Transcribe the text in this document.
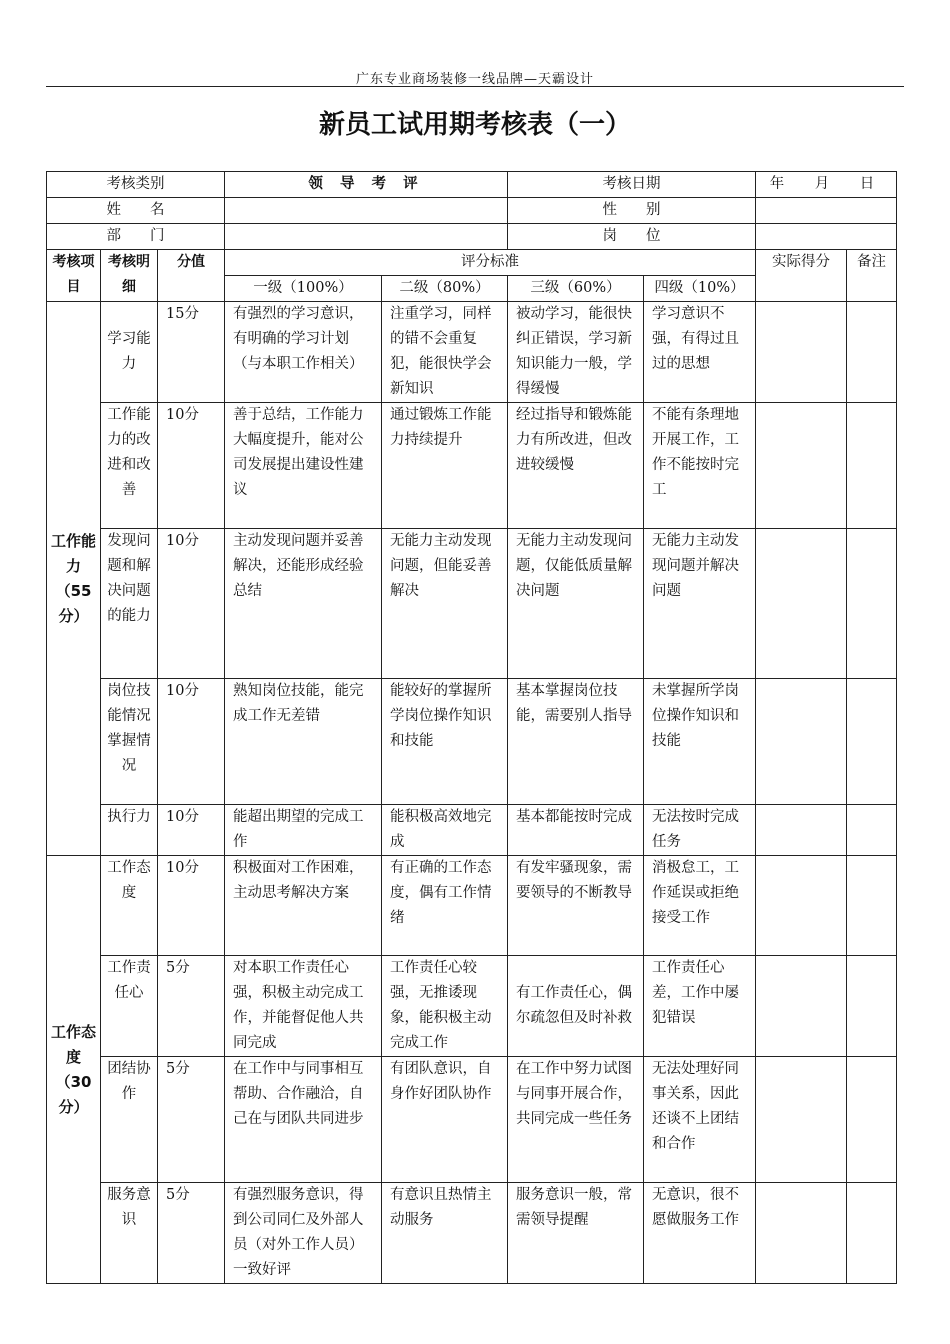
广东专业商场装修一线品牌—天霸设计
新员工试用期考核表（一）
考核类别			领 导 考 评		考核日期		年　月　日	
姓　　名					性　　别			
部　　门					岗　　位			
考核项目	考核明细	分值	评分标准				实际得分	备注
			一级（100%）	二级（80%）	三级（60%）	四级（10%）		
工作能力（55分）	学习能力	15分	有强烈的学习意识，有明确的学习计划（与本职工作相关）	注重学习，同样的错不会重复犯，能很快学会新知识	被动学习，能很快纠正错误，学习新知识能力一般，学得缓慢	学习意识不强，有得过且过的思想		
	工作能力的改进和改善	10分	善于总结，工作能力大幅度提升，能对公司发展提出建设性建议	通过锻炼工作能力持续提升	经过指导和锻炼能力有所改进，但改进较缓慢	不能有条理地开展工作，工作不能按时完工		
	发现问题和解决问题的能力	10分	主动发现问题并妥善解决，还能形成经验总结	无能力主动发现问题，但能妥善解决	无能力主动发现问题，仅能低质量解决问题	无能力主动发现问题并解决问题		
	岗位技能情况掌握情况	10分	熟知岗位技能，能完成工作无差错	能较好的掌握所学岗位操作知识和技能	基本掌握岗位技能，需要别人指导	未掌握所学岗位操作知识和技能		
	执行力	10分	能超出期望的完成工作	能积极高效地完成	基本都能按时完成	无法按时完成任务		
工作态度（30分）	工作态度	10分	积极面对工作困难，主动思考解决方案	有正确的工作态度，偶有工作情绪	有发牢骚现象，需要领导的不断教导	消极怠工，工作延误或拒绝接受工作		
	工作责任心	5分	对本职工作责任心强，积极主动完成工作，并能督促他人共同完成	工作责任心较强，无推诿现象，能积极主动完成工作	有工作责任心，偶尔疏忽但及时补救	工作责任心差，工作中屡犯错误		
	团结协作	5分	在工作中与同事相互帮助、合作融洽，自己在与团队共同进步	有团队意识，自身作好团队协作	在工作中努力试图与同事开展合作，共同完成一些任务	无法处理好同事关系，因此还谈不上团结和合作		
	服务意识	5分	有强烈服务意识，得到公司同仁及外部人员（对外工作人员）一致好评	有意识且热情主动服务	服务意识一般，常需领导提醒	无意识，很不愿做服务工作		
